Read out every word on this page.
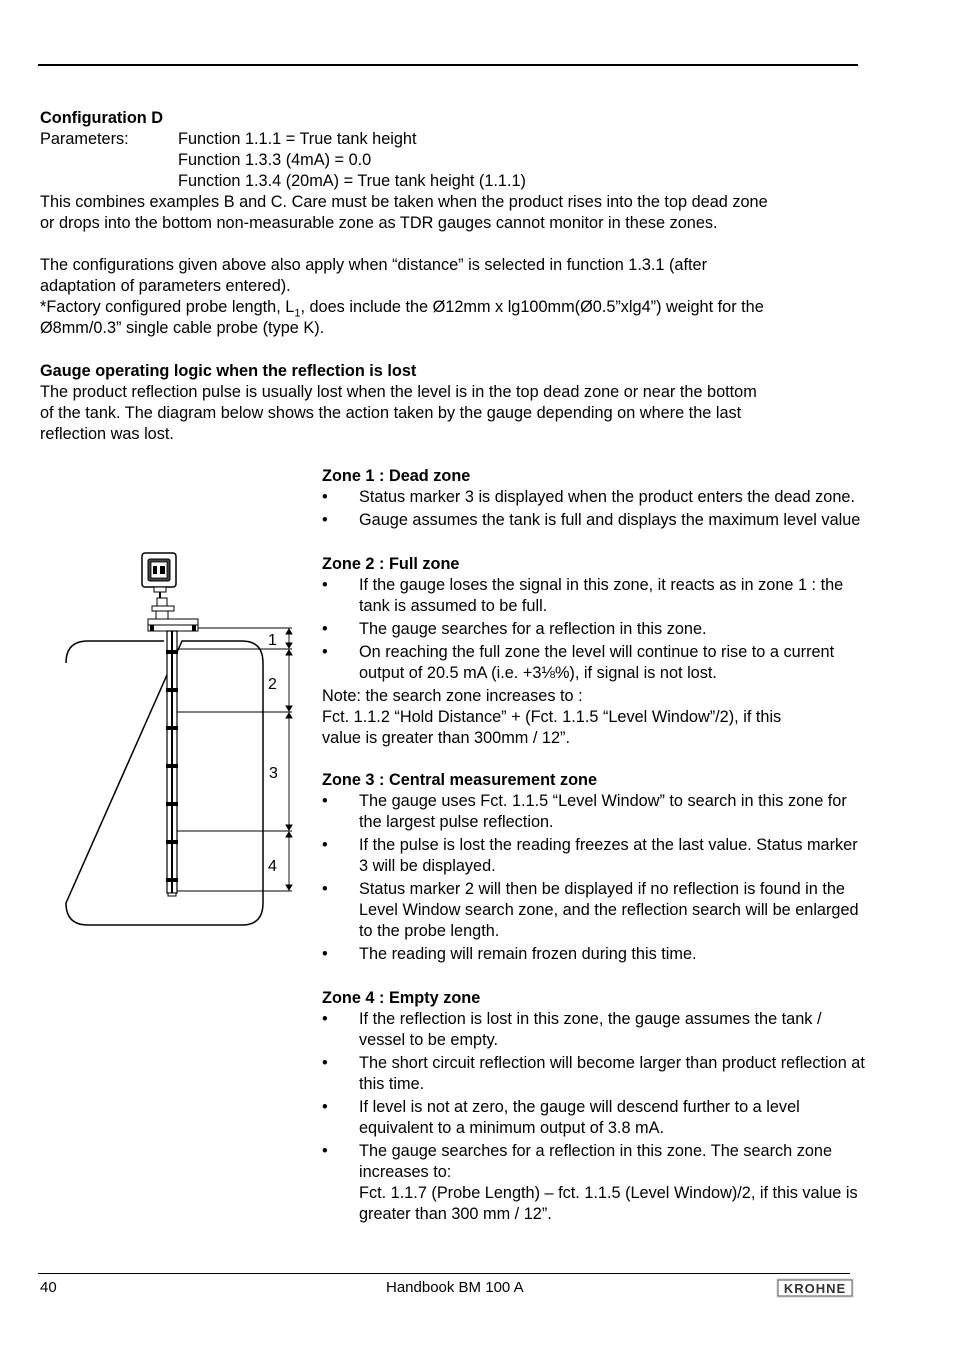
Configuration D
Parameters:	Function 1.1.1 = True tank height
Function 1.3.3 (4mA) = 0.0
Function 1.3.4 (20mA) = True tank height (1.1.1)
This combines examples B and C. Care must be taken when the product rises into the top dead zone
or drops into the bottom non-measurable zone as TDR gauges cannot monitor in these zones.
The configurations given above also apply when “distance” is selected in function 1.3.1 (after
adaptation of parameters entered).
*Factory configured probe length, $L_1$, does include the Ø12mm x lg100mm(Ø0.5”xlg4”) weight for the
Ø8mm/0.3” single cable probe (type K).
Gauge operating logic when the reflection is lost
The product reflection pulse is usually lost when the level is in the top dead zone or near the bottom
of the tank. The diagram below shows the action taken by the gauge depending on where the last
reflection was lost.
1
2
3
4
Zone 1 : Dead zone
• Status marker 3 is displayed when the product enters the dead zone.
• Gauge assumes the tank is full and displays the maximum level value
Zone 2 : Full zone
• If the gauge loses the signal in this zone, it reacts as in zone 1 : the tank is assumed to be full.
• The gauge searches for a reflection in this zone.
• On reaching the full zone the level will continue to rise to a current output of 20.5 mA (i.e. +3⅛%), if signal is not lost.
Note: the search zone increases to :
Fct. 1.1.2 “Hold Distance” + (Fct. 1.1.5 “Level Window”/2), if this
value is greater than 300mm / 12”.
Zone 3 : Central measurement zone
• The gauge uses Fct. 1.1.5 “Level Window” to search in this zone for the largest pulse reflection.
• If the pulse is lost the reading freezes at the last value. Status marker 3 will be displayed.
• Status marker 2 will then be displayed if no reflection is found in the Level Window search zone, and the reflection search will be enlarged to the probe length.
• The reading will remain frozen during this time.
Zone 4 : Empty zone
• If the reflection is lost in this zone, the gauge assumes the tank / vessel to be empty.
• The short circuit reflection will become larger than product reflection at this time.
• If level is not at zero, the gauge will descend further to a level equivalent to a minimum output of 3.8 mA.
• The gauge searches for a reflection in this zone. The search zone increases to:
Fct. 1.1.7 (Probe Length) – fct. 1.1.5 (Level Window)/2, if this value is greater than 300 mm / 12”.
40	Handbook BM 100 A	KROHNE
